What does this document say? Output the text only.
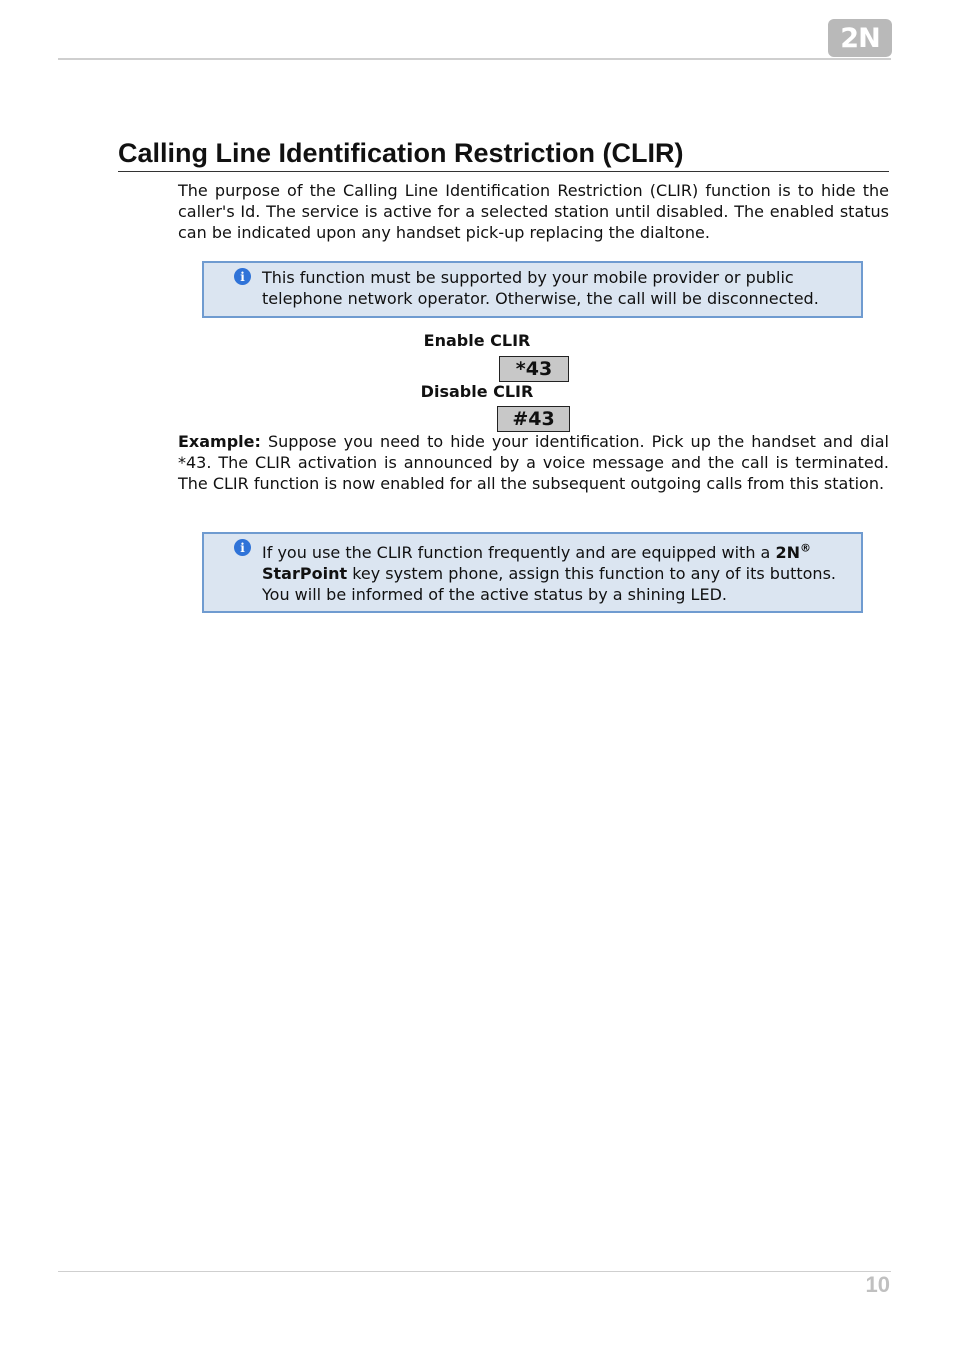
2N
Calling Line Identification Restriction (CLIR)

The purpose of the Calling Line Identification Restriction (CLIR) function is to hide the caller's Id. The service is active for a selected station until disabled. The enabled status can be indicated upon any handset pick-up replacing the dialtone.

i	This function must be supported by your mobile provider or public telephone network operator. Otherwise, the call will be disconnected.
Enable CLIR
*43
Disable CLIR
#43

Example: Suppose you need to hide your identification. Pick up the handset and dial *43. The CLIR activation is announced by a voice message and the call is terminated. The CLIR function is now enabled for all the subsequent outgoing calls from this station.

i	If you use the CLIR function frequently and are equipped with a 2N®
StarPoint key system phone, assign this function to any of its buttons. You will be informed of the active status by a shining LED.
10
